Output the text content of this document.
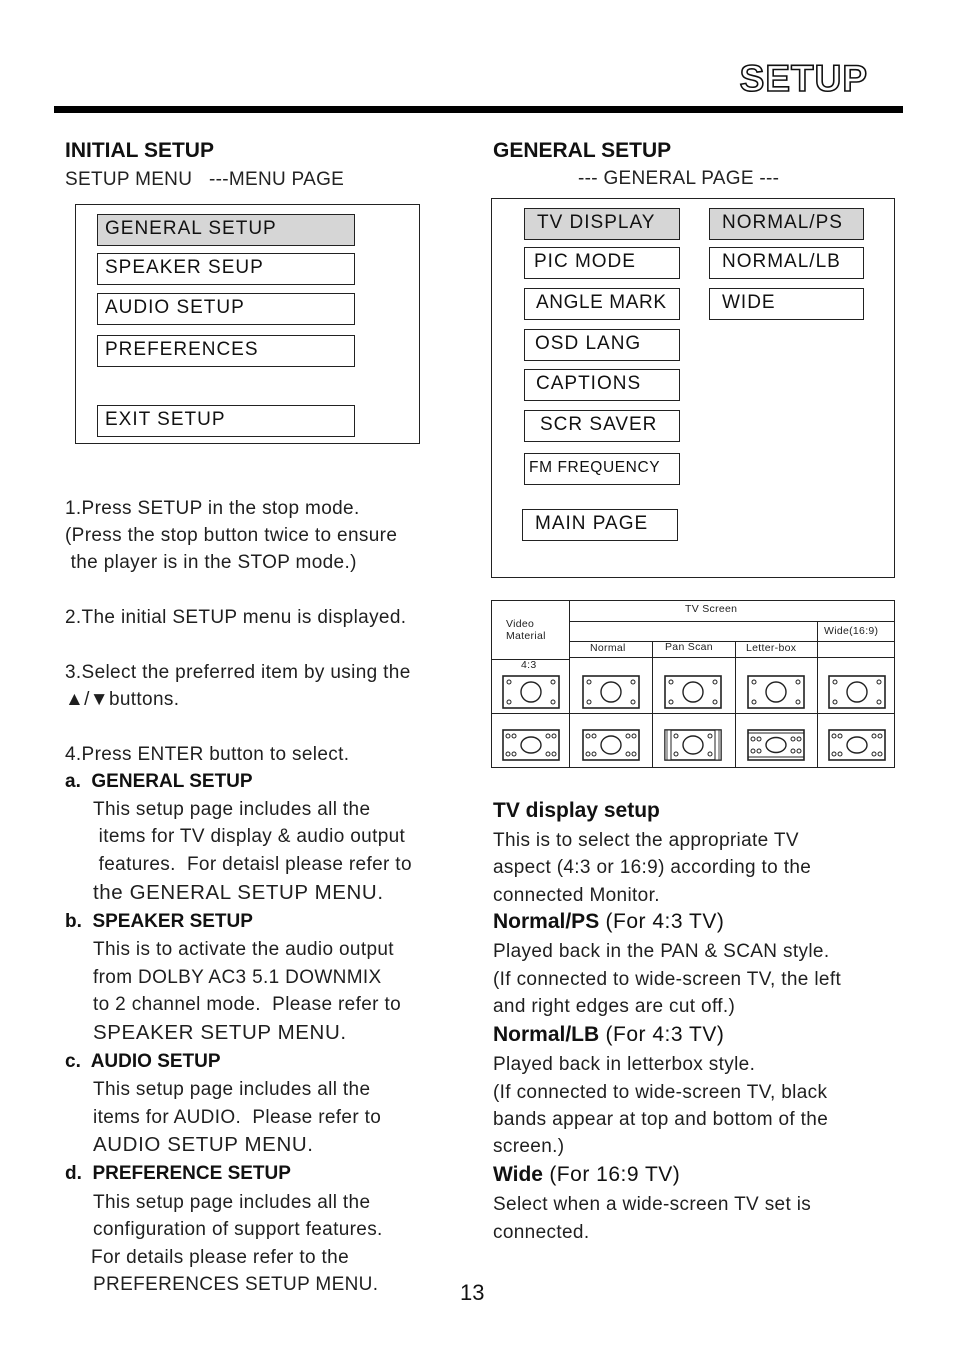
SETUP
INITIAL SETUP
SETUP MENU   ---MENU PAGE
GENERAL SETUP
SPEAKER SEUP
AUDIO SETUP
PREFERENCES
EXIT SETUP
1.Press SETUP in the stop mode.
(Press the stop button twice to ensure
the player is in the STOP mode.)
2.The initial SETUP menu is displayed.
3.Select the preferred item by using the
▲/▼buttons.
4.Press ENTER button to select.
a.  GENERAL SETUP
This setup page includes all the
items for TV display & audio output
features.  For detaisl please refer to
the GENERAL SETUP MENU.
b.  SPEAKER SETUP
This is to activate the audio output
from DOLBY AC3 5.1 DOWNMIX
to 2 channel mode.  Please refer to
SPEAKER SETUP MENU.
c.  AUDIO SETUP
This setup page includes all the
items for AUDIO.  Please refer to
AUDIO SETUP MENU.
d.  PREFERENCE SETUP
This setup page includes all the
configuration of support features.
For details please refer to the
PREFERENCES SETUP MENU.
GENERAL SETUP
--- GENERAL PAGE ---
TV DISPLAY
PIC MODE
ANGLE MARK
OSD LANG
CAPTIONS
SCR SAVER
FM FREQUENCY
MAIN PAGE
NORMAL/PS
NORMAL/LB
WIDE
Video
Material
TV Screen
Normal	Pan Scan	Letter-box
Wide(16:9)
4:3
TV display setup
This is to select the appropriate TV
aspect (4:3 or 16:9) according to the
connected Monitor.
Normal/PS (For 4:3 TV)
Played back in the PAN & SCAN style.
(If connected to wide-screen TV, the left
and right edges are cut off.)
Normal/LB (For 4:3 TV)
Played back in letterbox style.
(If connected to wide-screen TV, black
bands appear at top and bottom of the
screen.)
Wide (For 16:9 TV)
Select when a wide-screen TV set is
connected.
13
